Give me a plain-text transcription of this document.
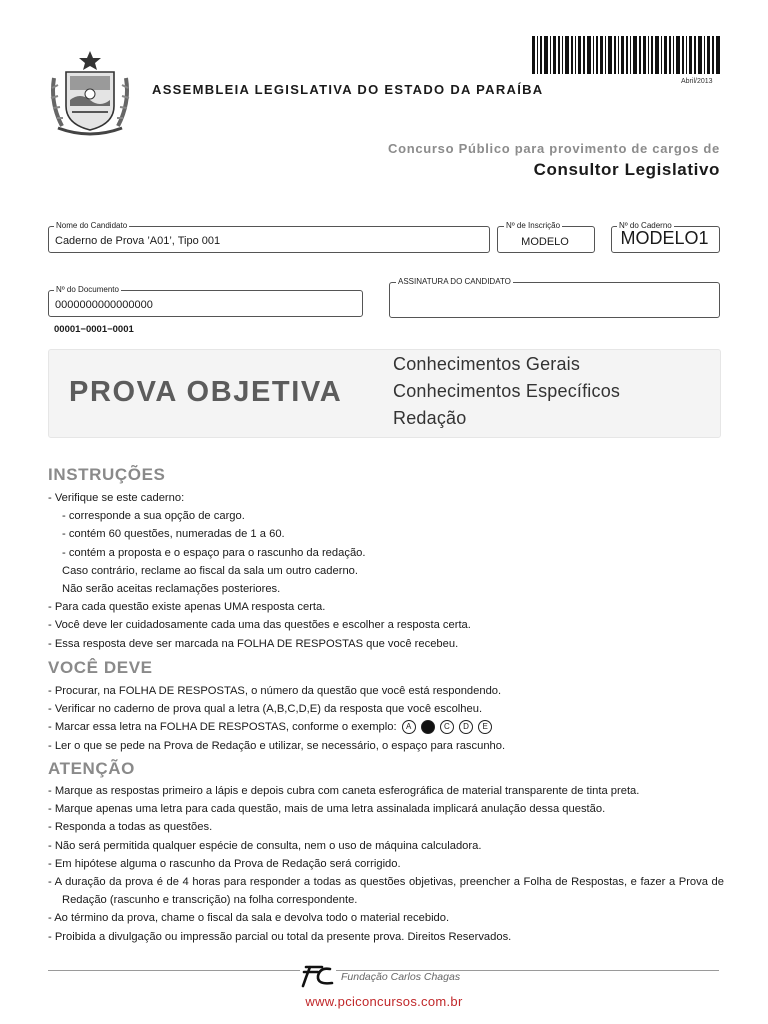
ASSEMBLEIA LEGISLATIVA DO ESTADO DA PARAÍBA
Abril/2013
Concurso Público para provimento de cargos de
Consultor Legislativo
Nome do Candidato
Caderno de Prova ’A01’, Tipo 001
Nº de Inscrição
MODELO
Nº do Caderno
MODELO1
Nº do Documento
0000000000000000
ASSINATURA DO CANDIDATO
00001−0001−0001
PROVA OBJETIVA
Conhecimentos Gerais
Conhecimentos Específicos
Redação
INSTRUÇÕES
- Verifique se este caderno:
- corresponde a sua opção de cargo.
- contém 60 questões, numeradas de 1 a 60.
- contém a proposta e o espaço para o rascunho da redação.
Caso contrário, reclame ao fiscal da sala um outro caderno.
Não serão aceitas reclamações posteriores.
- Para cada questão existe apenas UMA resposta certa.
- Você deve ler cuidadosamente cada uma das questões e escolher a resposta certa.
- Essa resposta deve ser marcada na FOLHA DE RESPOSTAS que você recebeu.
VOCÊ DEVE
- Procurar, na FOLHA DE RESPOSTAS, o número da questão que você está respondendo.
- Verificar no caderno de prova qual a letra (A,B,C,D,E) da resposta que você escolheu.
- Marcar essa letra na FOLHA DE RESPOSTAS, conforme o exemplo: A	C D E
- Ler o que se pede na Prova de Redação e utilizar, se necessário, o espaço para rascunho.
ATENÇÃO
- Marque as respostas primeiro a lápis e depois cubra com caneta esferográfica de material transparente de tinta preta.
- Marque apenas uma letra para cada questão, mais de uma letra assinalada implicará anulação dessa questão.
- Responda a todas as questões.
- Não será permitida qualquer espécie de consulta, nem o uso de máquina calculadora.
- Em hipótese alguma o rascunho da Prova de Redação será corrigido.
- A duração da prova é de 4 horas para responder a todas as questões objetivas, preencher a Folha de Respostas, e fazer a Prova de Redação (rascunho e transcrição) na folha correspondente.
- Ao término da prova, chame o fiscal da sala e devolva todo o material recebido.
- Proibida a divulgação ou impressão parcial ou total da presente prova. Direitos Reservados.
Fundação Carlos Chagas
www.pciconcursos.com.br
